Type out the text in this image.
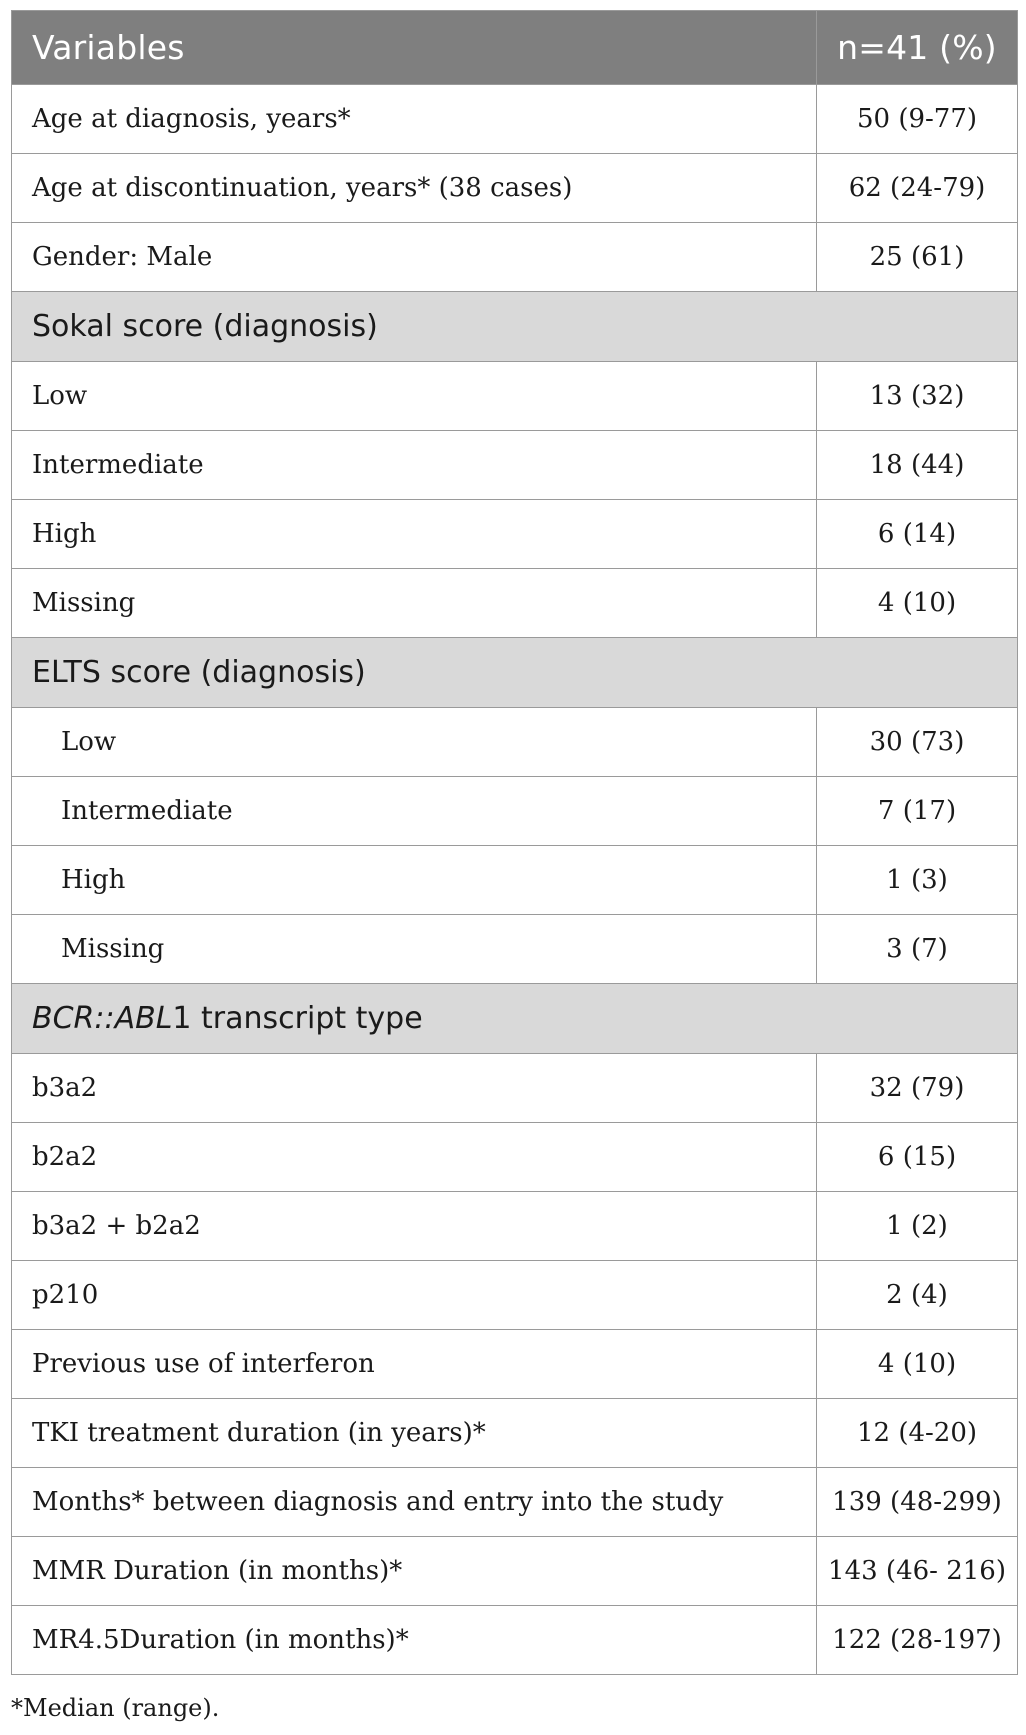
Variables	n=41 (%)
Age at diagnosis, years*	50 (9-77)
Age at discontinuation, years* (38 cases)	62 (24-79)
Gender: Male	25 (61)
Sokal score (diagnosis)	
Low	13 (32)
Intermediate	18 (44)
High	6 (14)
Missing	4 (10)
ELTS score (diagnosis)	
Low	30 (73)
Intermediate	7 (17)
High	1 (3)
Missing	3 (7)
BCR::ABL1 transcript type	
b3a2	32 (79)
b2a2	6 (15)
b3a2 + b2a2	1 (2)
p210	2 (4)
Previous use of interferon	4 (10)
TKI treatment duration (in years)*	12 (4-20)
Months* between diagnosis and entry into the study	139 (48-299)
MMR Duration (in months)*	143 (46- 216)
MR4.5Duration (in months)*	122 (28-197)
*Median (range).
